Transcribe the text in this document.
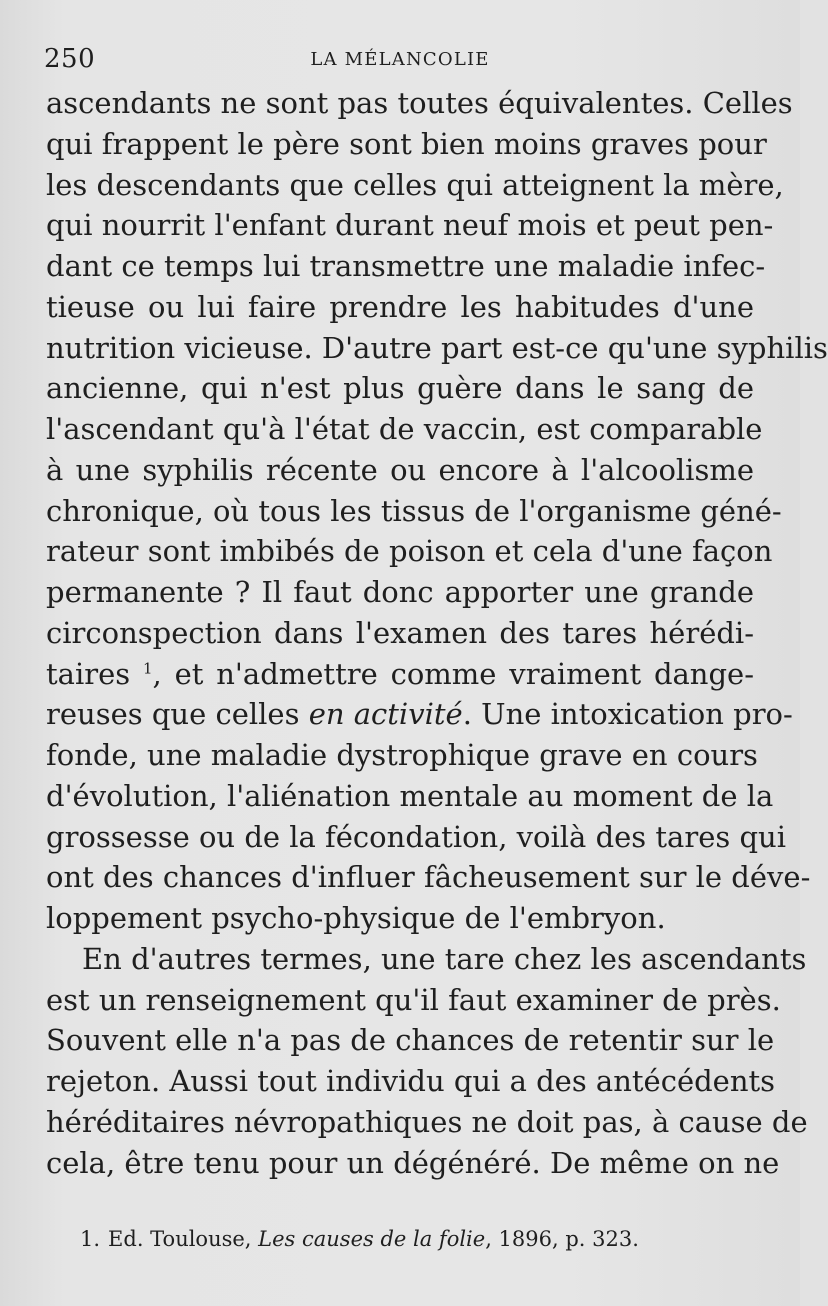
250	LA MÉLANCOLIE
ascendants ne sont pas toutes équivalentes. Celles
qui frappent le père sont bien moins graves pour
les descendants que celles qui atteignent la mère,
qui nourrit l'enfant durant neuf mois et peut pen-
dant ce temps lui transmettre une maladie infec-
tieuse ou lui faire prendre les habitudes d'une
nutrition vicieuse. D'autre part est-ce qu'une syphilis
ancienne, qui n'est plus guère dans le sang de
l'ascendant qu'à l'état de vaccin, est comparable
à une syphilis récente ou encore à l'alcoolisme
chronique, où tous les tissus de l'organisme géné-
rateur sont imbibés de poison et cela d'une façon
permanente ? Il faut donc apporter une grande
circonspection dans l'examen des tares hérédi-
taires $^1$, et n'admettre comme vraiment dange-
reuses que celles en activité. Une intoxication pro-
fonde, une maladie dystrophique grave en cours
d'évolution, l'aliénation mentale au moment de la
grossesse ou de la fécondation, voilà des tares qui
ont des chances d'influer fâcheusement sur le déve-
loppement psycho-physique de l'embryon.
En d'autres termes, une tare chez les ascendants
est un renseignement qu'il faut examiner de près.
Souvent elle n'a pas de chances de retentir sur le
rejeton. Aussi tout individu qui a des antécédents
héréditaires névropathiques ne doit pas, à cause de
cela, être tenu pour un dégénéré. De même on ne
1. Ed. Toulouse, Les causes de la folie, 1896, p. 323.
